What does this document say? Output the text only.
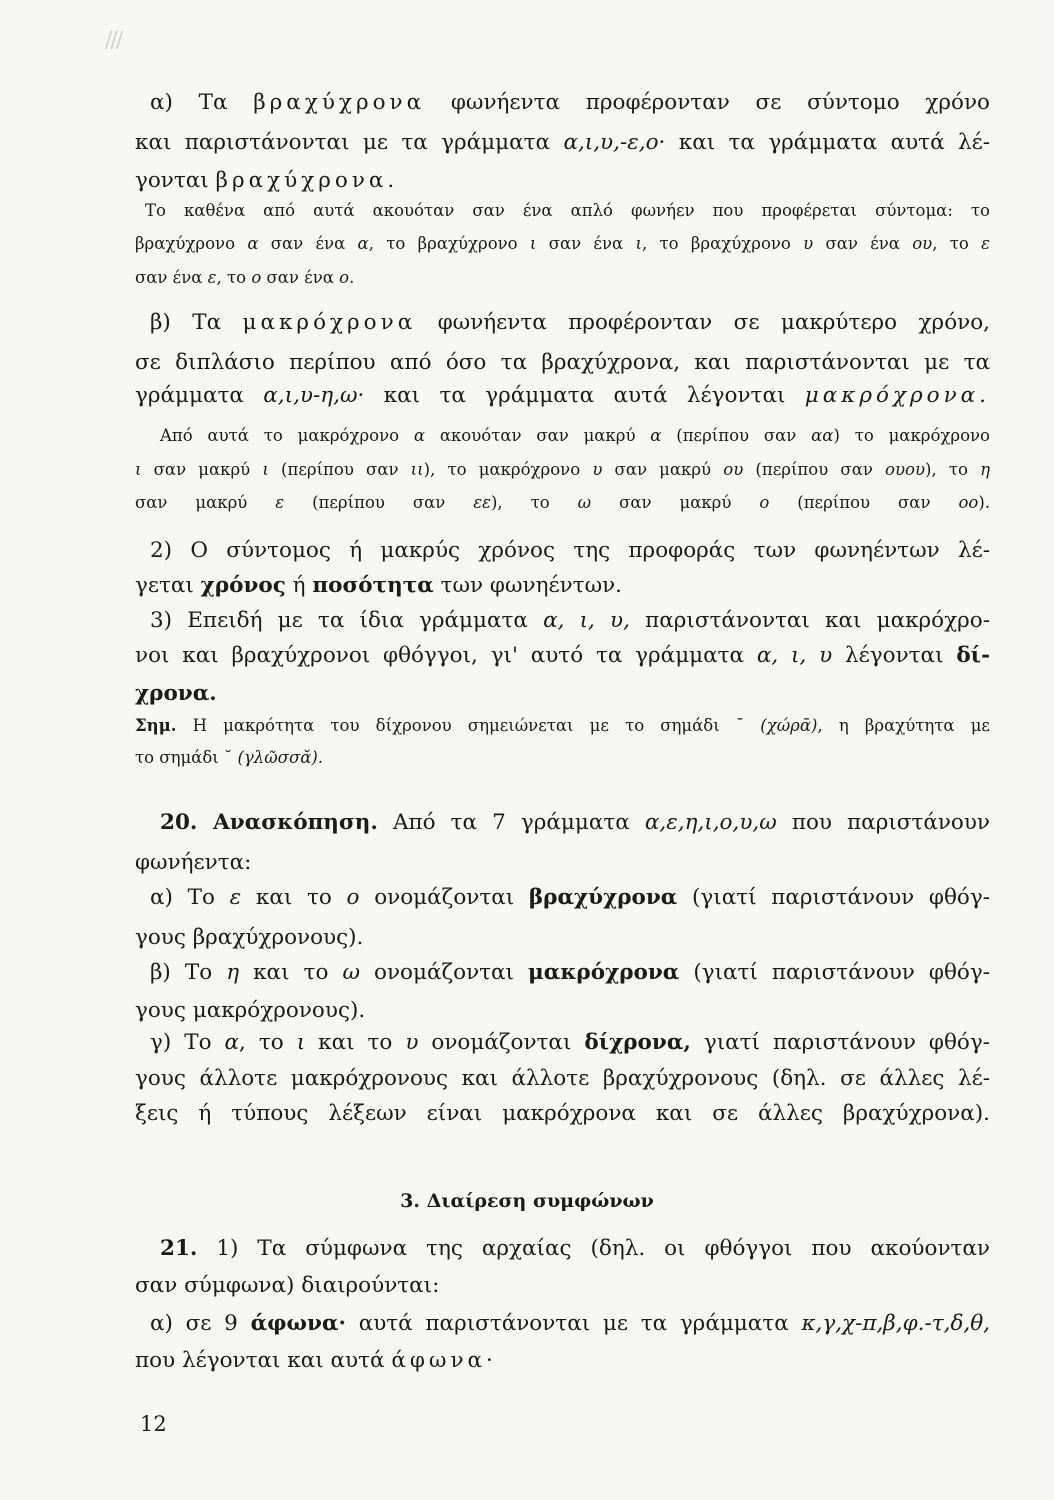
///
α) Τα βραχύχρονα φωνήεντα προφέρονταν σε σύντομο χρόνο
και παριστάνονται με τα γράμματα α,ι,υ,-ε,ο· και τα γράμματα αυτά λέ-
γονται βραχύχρονα.
Το καθένα από αυτά ακουόταν σαν ένα απλό φωνήεν που προφέρεται σύντομα: το
βραχύχρονο α σαν ένα α, το βραχύχρονο ι σαν ένα ι, το βραχύχρονο υ σαν ένα ου, το ε
σαν ένα ε, το ο σαν ένα ο.
β) Τα μακρόχρονα φωνήεντα προφέρονταν σε μακρύτερο χρόνο,
σε διπλάσιο περίπου από όσο τα βραχύχρονα, και παριστάνονται με τα
γράμματα α,ι,υ-η,ω· και τα γράμματα αυτά λέγονται μακρόχρονα.
Από αυτά το μακρόχρονο α ακουόταν σαν μακρύ α (περίπου σαν αα) το μακρόχρονο
ι σαν μακρύ ι (περίπου σαν ιι), το μακρόχρονο υ σαν μακρύ ου (περίπου σαν ουου), το η
σαν μακρύ ε (περίπου σαν εε), το ω σαν μακρύ ο (περίπου σαν οο).
2) Ο σύντομος ή μακρύς χρόνος της προφοράς των φωνηέντων λέ-
γεται χρόνος ή ποσότητα των φωνηέντων.
3) Επειδή με τα ίδια γράμματα α, ι, υ, παριστάνονται και μακρόχρο-
νοι και βραχύχρονοι φθόγγοι, γι' αυτό τα γράμματα α, ι, υ λέγονται δί-
χρονα.
Σημ. Η μακρότητα του δίχρονου σημειώνεται με το σημάδι ¯ (χώρᾱ), η βραχύτητα με
το σημάδι ˘ (γλῶσσᾰ).
20. Ανασκόπηση. Από τα 7 γράμματα α,ε,η,ι,ο,υ,ω που παριστάνουν
φωνήεντα:
α) Το ε και το ο ονομάζονται βραχύχρονα (γιατί παριστάνουν φθόγ-
γους βραχύχρονους).
β) Το η και το ω ονομάζονται μακρόχρονα (γιατί παριστάνουν φθόγ-
γους μακρόχρονους).
γ) Το α, το ι και το υ ονομάζονται δίχρονα, γιατί παριστάνουν φθόγ-
γους άλλοτε μακρόχρονους και άλλοτε βραχύχρονους (δηλ. σε άλλες λέ-
ξεις ή τύπους λέξεων είναι μακρόχρονα και σε άλλες βραχύχρονα).
21. 1) Τα σύμφωνα της αρχαίας (δηλ. οι φθόγγοι που ακούονταν
σαν σύμφωνα) διαιρούνται:
α) σε 9 άφωνα· αυτά παριστάνονται με τα γράμματα κ,γ,χ-π,β,φ.-τ,δ,θ,
που λέγονται και αυτά άφωνα·
3. Διαίρεση συμφώνων
12
